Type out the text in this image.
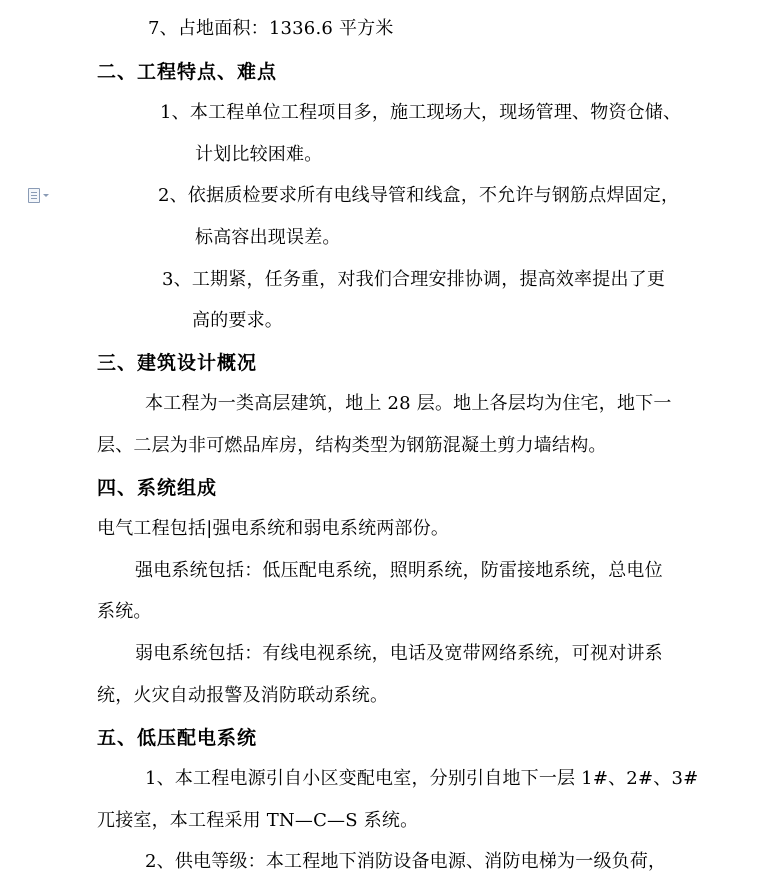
7、占地面积：1336.6 平方米
二、工程特点、难点
1、本工程单位工程项目多，施工现场大，现场管理、物资仓储、
计划比较困难。
2、依据质检要求所有电线导管和线盒，不允许与钢筋点焊固定，
标高容出现误差。
3、工期紧，任务重，对我们合理安排协调，提高效率提出了更
高的要求。
三、建筑设计概况
本工程为一类高层建筑，地上 28 层。地上各层均为住宅，地下一
层、二层为非可燃品库房，结构类型为钢筋混凝土剪力墙结构。
四、系统组成
电气工程包括|强电系统和弱电系统两部份。
强电系统包括：低压配电系统，照明系统，防雷接地系统，总电位
系统。
弱电系统包括：有线电视系统，电话及宽带网络系统，可视对讲系
统，火灾自动报警及消防联动系统。
五、低压配电系统
1、本工程电源引自小区变配电室，分别引自地下一层 1#、2#、3#
兀接室，本工程采用 TN—C—S 系统。
2、供电等级：本工程地下消防设备电源、消防电梯为一级负荷，
